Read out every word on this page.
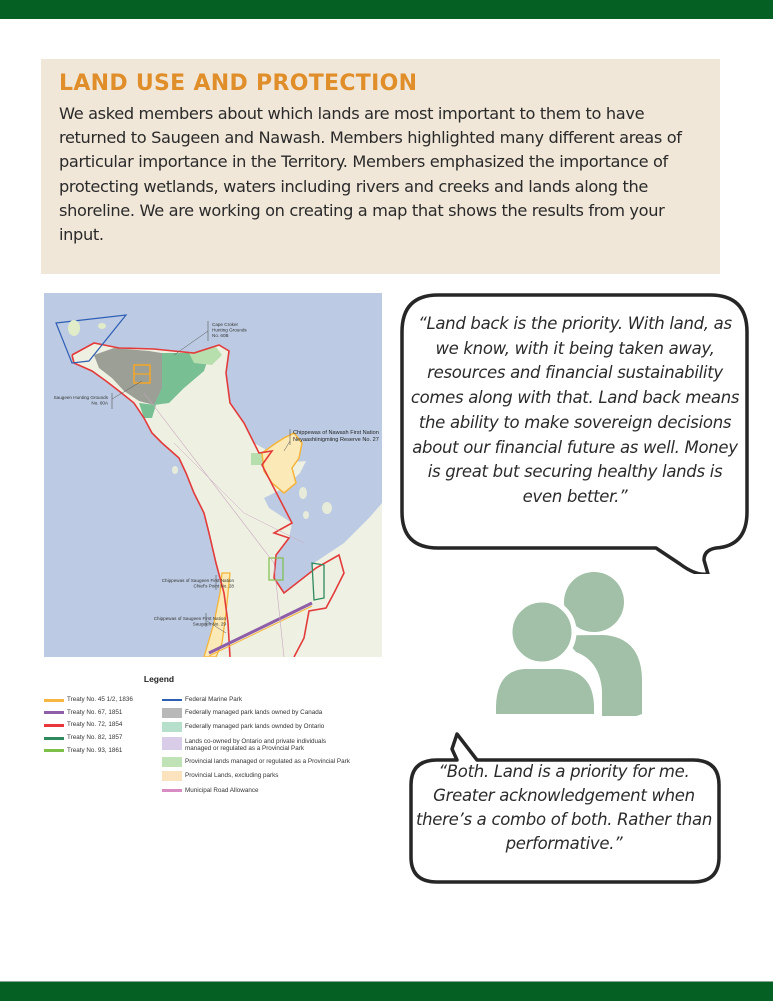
LAND USE AND PROTECTION

We asked members about which lands are most important to them to have returned to Saugeen and Nawash. Members highlighted many different areas of particular importance in the Territory. Members emphasized the importance of protecting wetlands, waters including rivers and creeks and lands along the shoreline. We are working on creating a map that shows the results from your input.

Cape Croker
Hunting Grounds
No. 60B
Saugeen Hunting Grounds
No. 60A
Chippewas of Nawash First Nation
Neyaashiinigmiing Reserve No. 27
Chippewas of Saugeen First Nation
Chief's Point No. 28
Chippewas of Saugeen First Nation
Saugeen No. 29
Legend
Treaty No. 45 1/2, 1836
Treaty No. 67, 1851
Treaty No. 72, 1854
Treaty No. 82, 1857
Treaty No. 93, 1861
Federal Marine Park
Federally managed park lands owned by Canada
Federally managed park lands ownded by Ontario
Lands co-owned by Ontario and private individuals
managed or regulated as a Provincial Park
Provincial lands managed or regulated as a Provincial Park
Provincial Lands, excluding parks
Municipal Road Allowance
“Land back is the priority. With land, as we know, with it being taken away, resources and financial sustainability comes along with that. Land back means the ability to make sovereign decisions about our financial future as well. Money is great but securing healthy lands is even better.”
“Both. Land is a priority for me. Greater acknowledgement when there’s a combo of both. Rather than performative.”
